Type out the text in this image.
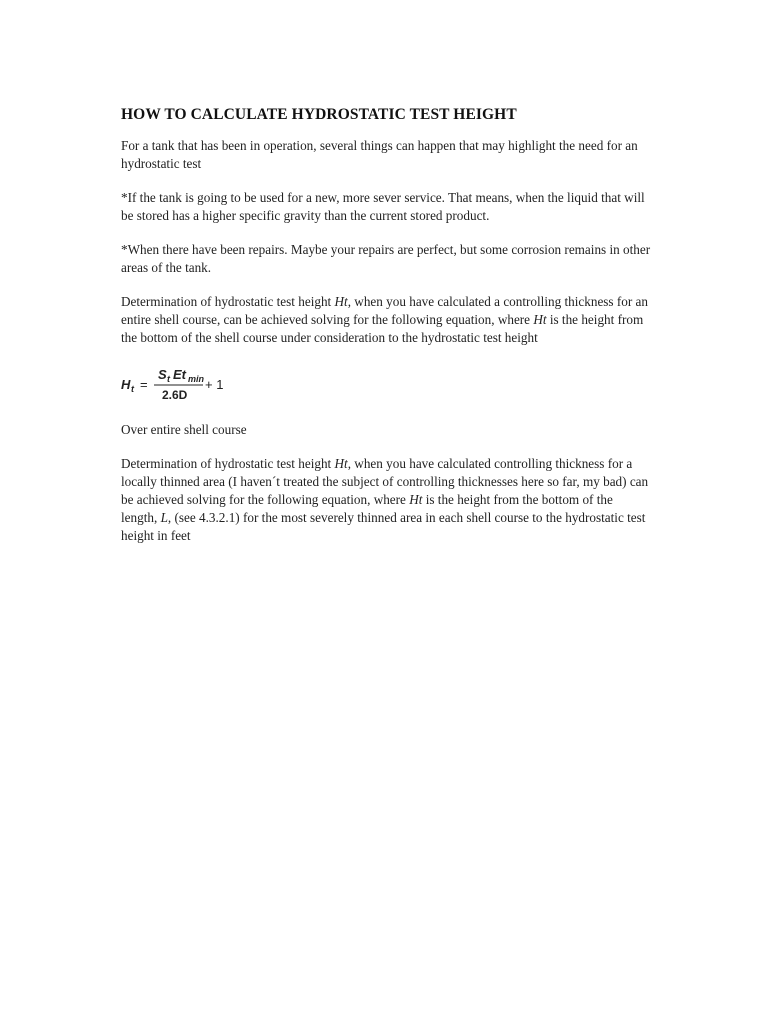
HOW TO CALCULATE HYDROSTATIC TEST HEIGHT

For a tank that has been in operation, several things can happen that may highlight the need for an hydrostatic test

*If the tank is going to be used for a new, more sever service. That means, when the liquid that will be stored has a higher specific gravity than the current stored product.

*When there have been repairs. Maybe your repairs are perfect, but some corrosion remains in other areas of the tank.

Determination of hydrostatic test height Ht, when you have calculated a controlling thickness for an entire shell course, can be achieved solving for the following equation, where Ht is the height from the bottom of the shell course under consideration to the hydrostatic test height

H t =
S t Et min
2.6D
+ 1

Over entire shell course

Determination of hydrostatic test height Ht, when you have calculated controlling thickness for a locally thinned area (I haven´t treated the subject of controlling thicknesses here so far, my bad) can be achieved solving for the following equation, where Ht is the height from the bottom of the length, L, (see 4.3.2.1) for the most severely thinned area in each shell course to the hydrostatic test height in feet
